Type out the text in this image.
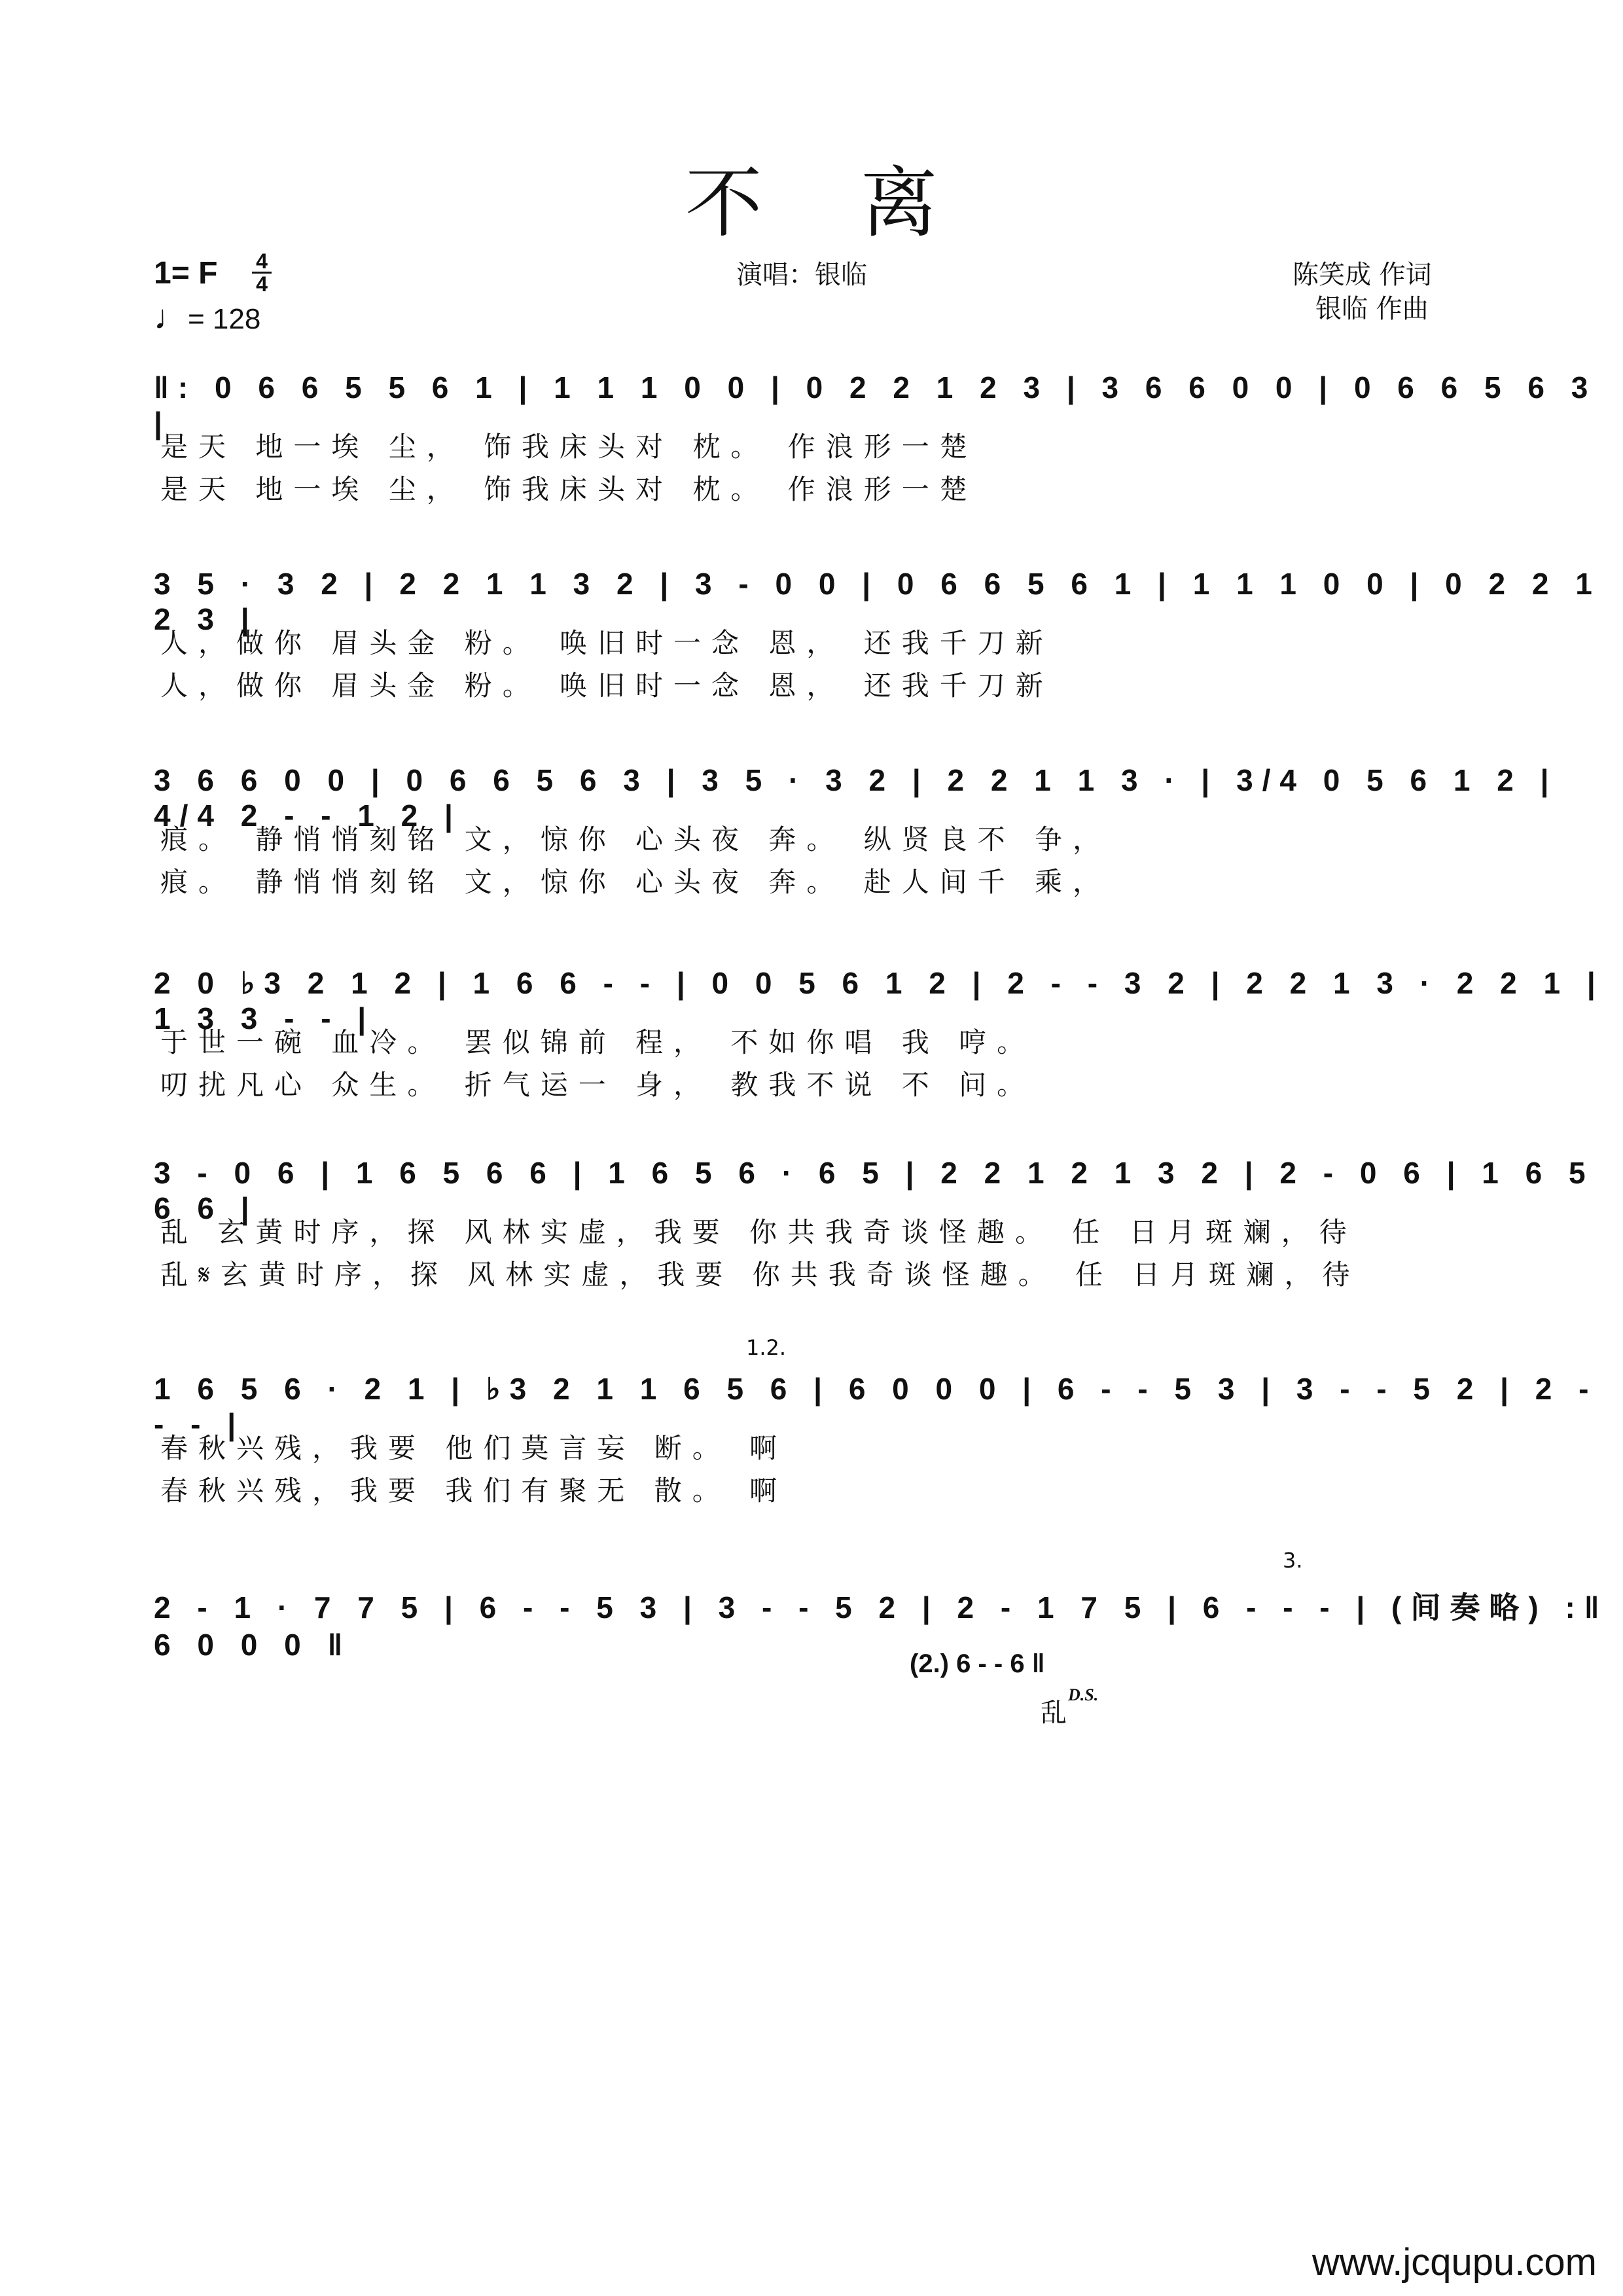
不离
1= F 4
4
♩= 128
演唱：银临	陈笑成 作词
银临 作曲
‖: 0 6 6 5 5 6 1 | 1 1 1 0 0 | 0 2 2 1 2 3 | 3 6 6 0 0 | 0 6 6 5 6 3 |
是天 地一埃 尘， 饰我床头对 枕。 作浪形一楚
是天 地一埃 尘， 饰我床头对 枕。 作浪形一楚
3 5 · 3 2 | 2 2 1 1 3 2 | 3 - 0 0 | 0 6 6 5 6 1 | 1 1 1 0 0 | 0 2 2 1 2 3 |
人，做你 眉头金 粉。 唤旧时一念 恩， 还我千刀新
人，做你 眉头金 粉。 唤旧时一念 恩， 还我千刀新
3 6 6 0 0 | 0 6 6 5 6 3 | 3 5 · 3 2 | 2 2 1 1 3 · | 3/4 0 5 6 1 2 | 4/4 2 - - 1 2 |
痕。 静悄悄刻铭 文，惊你 心头夜 奔。 纵贤良不 争，
痕。 静悄悄刻铭 文，惊你 心头夜 奔。 赴人间千 乘，
2 0 ♭3 2 1 2 | 1 6 6 - - | 0 0 5 6 1 2 | 2 - - 3 2 | 2 2 1 3 · 2 2 1 | 1 3 3 - - |
于世一碗 血冷。 罢似锦前 程， 不如你唱 我 哼。
叨扰凡心 众生。 折气运一 身， 教我不说 不 问。
3 - 0 6 | 1 6 5 6 6 | 1 6 5 6 · 6 5 | 2 2 1 2 1 3 2 | 2 - 0 6 | 1 6 5 6 6 |
乱 玄黄时序，探 风林实虚，我要 你共我奇谈怪趣。 任 日月斑斓，待
乱𝄋玄黄时序，探 风林实虚，我要 你共我奇谈怪趣。 任 日月斑斓，待
1.2.
1 6 5 6 · 2 1 | ♭3 2 1 1 6 5 6 | 6 0 0 0 | 6 - - 5 3 | 3 - - 5 2 | 2 - - - |
春秋兴残，我要 他们莫言妄 断。 啊
春秋兴残，我要 我们有聚无 散。 啊
3.
2 - 1 · 7 7 5 | 6 - - 5 3 | 3 - - 5 2 | 2 - 1 7 5 | 6 - - - | (间奏略) :‖ 6 0 0 0 ‖
(2.) 6 - - 6 ‖
乱
D.S.
www.jcqupu.com
